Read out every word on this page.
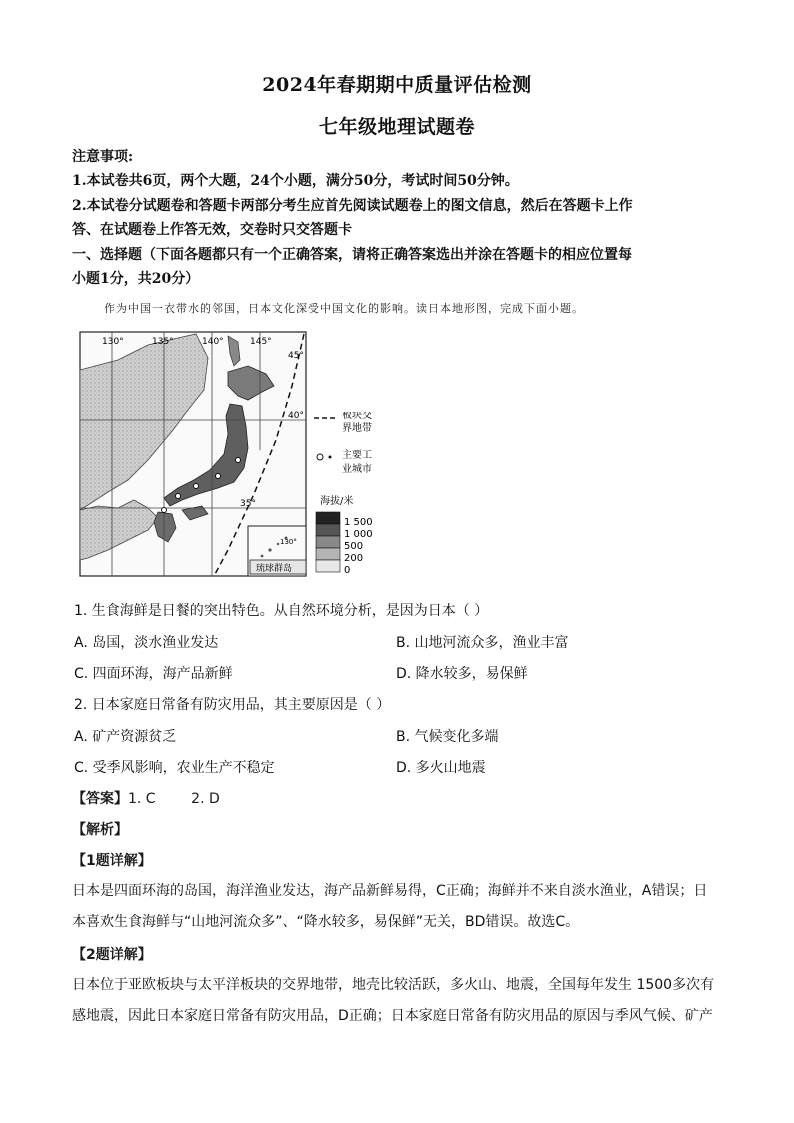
2024年春期期中质量评估检测
七年级地理试题卷
注意事项:
1.本试卷共6页，两个大题，24个小题，满分50分，考试时间50分钟。
2.本试卷分试题卷和答题卡两部分考生应首先阅读试题卷上的图文信息，然后在答题卡上作
答、在试题卷上作答无效，交卷时只交答题卡
一、选择题（下面各题都只有一个正确答案，请将正确答案选出并涂在答题卡的相应位置每
小题1分，共20分）
作为中国一衣带水的邻国，日本文化深受中国文化的影响。读日本地形图，完成下面小题。
130°	135°	140°	145°
45°
40°
35°
130°
琉球群岛
板块交
界地带
主要工
业城市
海拔/米
1 500
1 000
500
200
0
1. 生食海鲜是日餐的突出特色。从自然环境分析，是因为日本（ ）
A. 岛国，淡水渔业发达	B. 山地河流众多，渔业丰富
C. 四面环海，海产品新鲜	D. 降水较多，易保鲜
2. 日本家庭日常备有防灾用品，其主要原因是（ ）
A. 矿产资源贫乏	B. 气候变化多端
C. 受季风影响，农业生产不稳定	D. 多火山地震
【答案】1. C        2. D
【解析】
【1题详解】
日本是四面环海的岛国，海洋渔业发达，海产品新鲜易得，C正确；海鲜并不来自淡水渔业，A错误；日
本喜欢生食海鲜与“山地河流众多”、“降水较多，易保鲜”无关，BD错误。故选C。
【2题详解】
日本位于亚欧板块与太平洋板块的交界地带，地壳比较活跃，多火山、地震，全国每年发生 1500多次有
感地震，因此日本家庭日常备有防灾用品，D正确；日本家庭日常备有防灾用品的原因与季风气候、矿产
